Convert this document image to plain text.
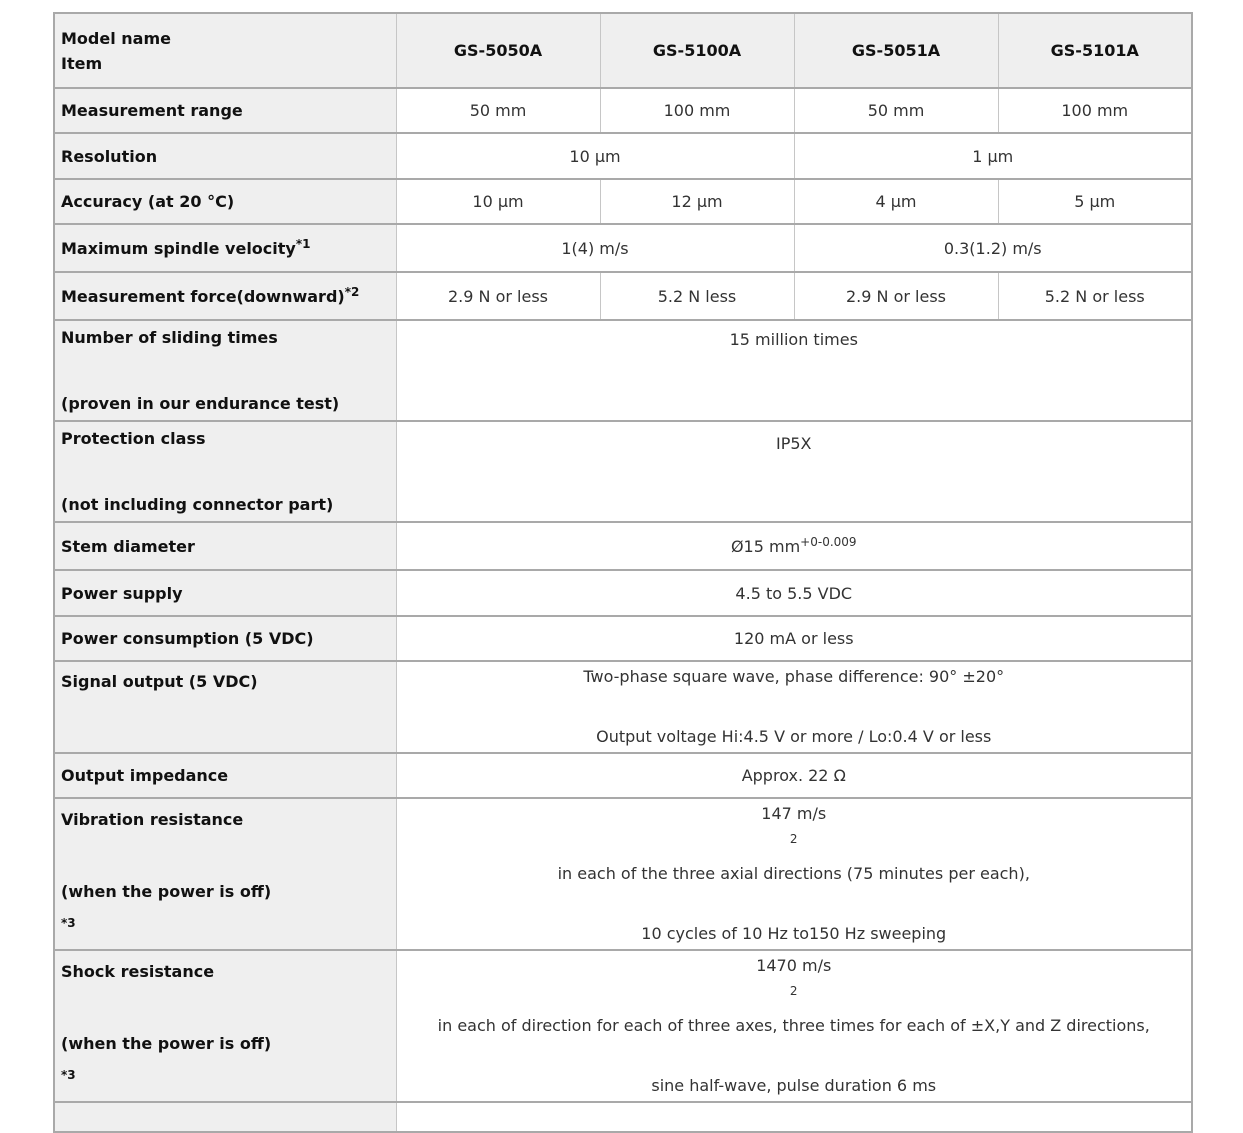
Model name
Item	GS-5050A	GS-5100A	GS-5051A	GS-5101A
Measurement range	50 mm	100 mm	50 mm	100 mm
Resolution	10 µm		1 µm	
Accuracy (at 20 °C)	10 µm	12 µm	4 µm	5 µm
Maximum spindle velocity$^{*1}$	1(4) m/s		0.3(1.2) m/s	
Measurement force(downward)$^{*2}$	2.9 N or less	5.2 N less	2.9 N or less	5.2 N or less

Number of sliding times

(proven in our endurance test)	15 million times			

Protection class

(not including connector part)	IP5X			
Stem diameter	Ø15 $mm^{+0-0.009}$
Power supply	4.5 to 5.5 VDC			
Power consumption (5 VDC)	120 mA or less			
Signal output (5 VDC)	Two-phase square wave, phase difference: 90° ±20°

Output voltage Hi:4.5 V or more / Lo:0.4 V or less			

Output impedance	Approx. 22 Ω			

Vibration resistance

(when the power is off)
$^{*3}$	147 m/s
$^2$
in each of the three axial directions (75 minutes per each),

10 cycles of 10 Hz to150 Hz sweeping			

Shock resistance

(when the power is off)
$^{*3}$	1470 m/s
$^2$
in each of direction for each of three axes, three times for each of ±X,Y and Z directions,

sine half-wave, pulse duration 6 ms			
